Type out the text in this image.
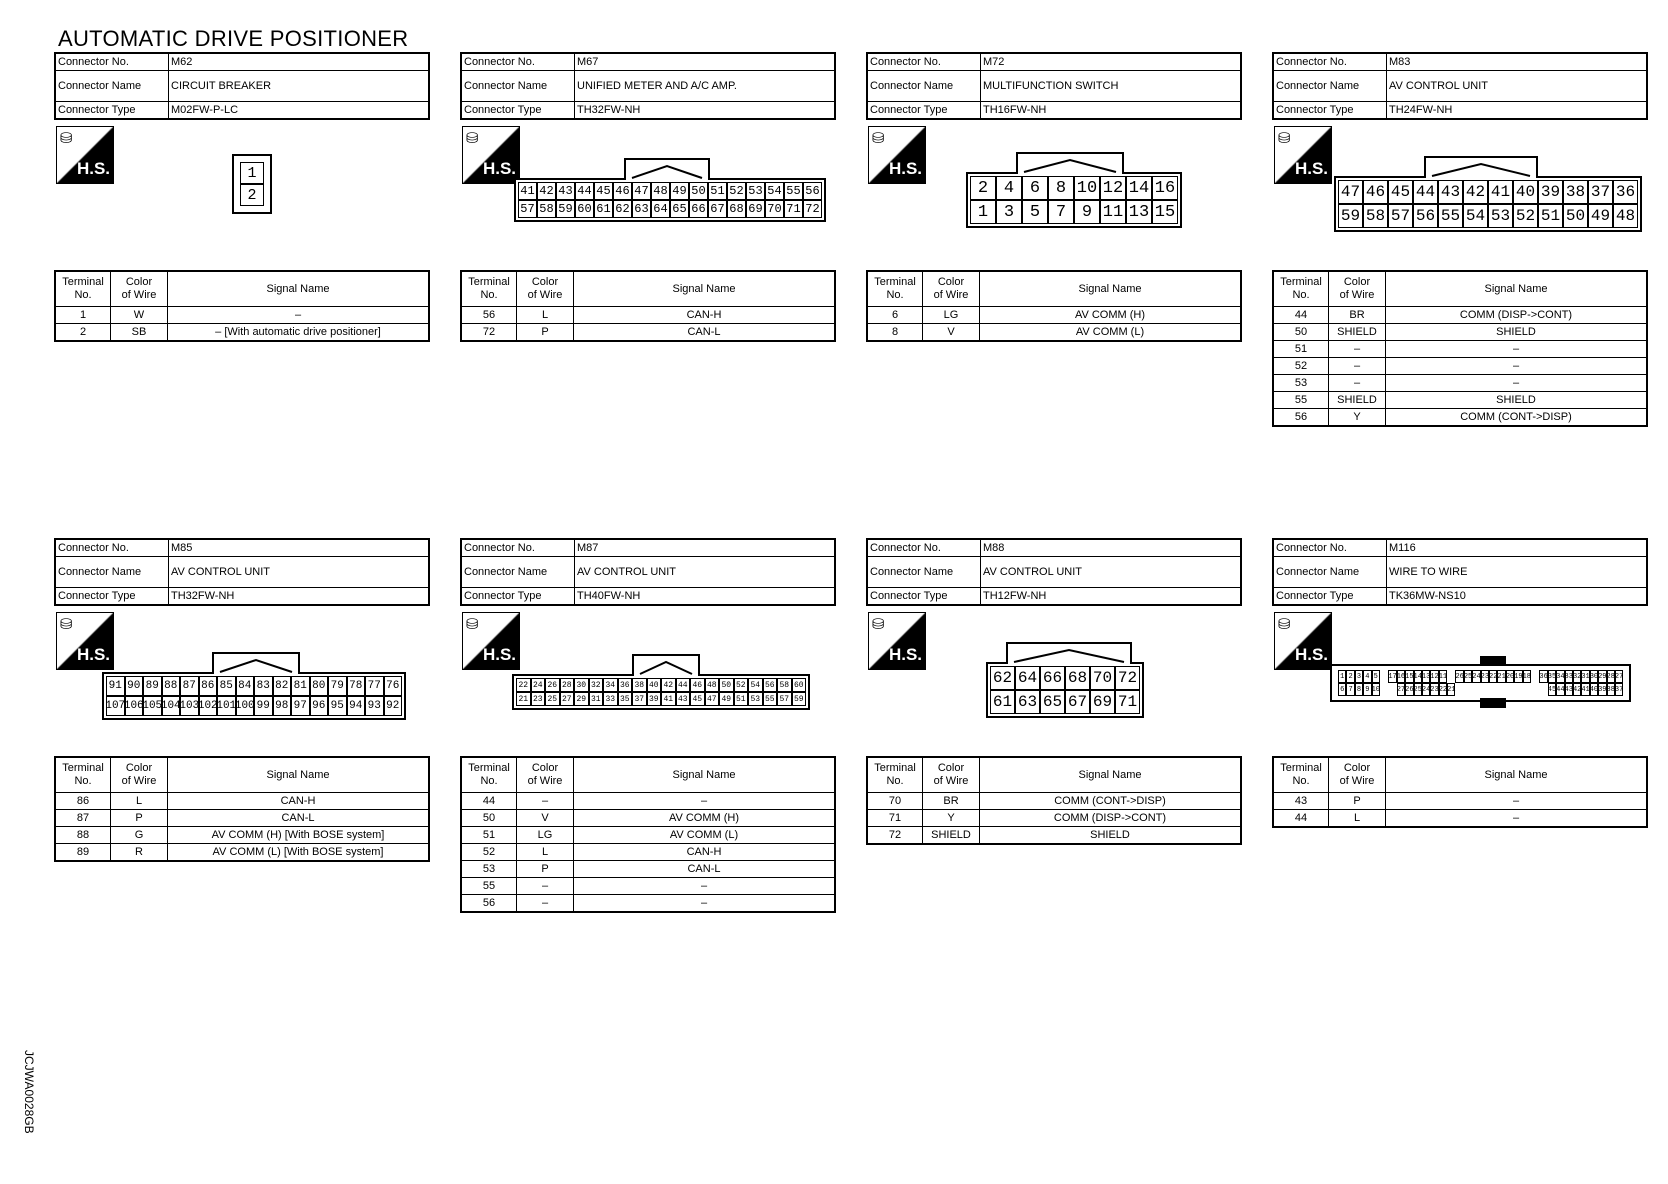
AUTOMATIC DRIVE POSITIONER
JCJWA0028GB
Connector No.	M62
Connector Name	CIRCUIT BREAKER
Connector Type	M02FW-P-LC
⛁
H.S.	1
2
Terminal
No.	Color
of Wire	Signal Name
1	W	–
2	SB	– [With automatic drive positioner]
Connector No.	M67
Connector Name	UNIFIED METER AND A/C AMP.
Connector Type	TH32FW-NH
⛁
H.S.
41 42 43 44 45 46 47 48 49 50 51 52 53 54 55 56
57 58 59 60 61 62 63 64 65 66 67 68 69 70 71 72
Terminal
No.	Color
of Wire	Signal Name
56	L	CAN-H
72	P	CAN-L
Connector No.	M72
Connector Name	MULTIFUNCTION SWITCH
Connector Type	TH16FW-NH
⛁
H.S.
2 4 6 8 10 12 14 16
1 3 5 7 9 11 13 15
Terminal
No.	Color
of Wire	Signal Name
6	LG	AV COMM (H)
8	V	AV COMM (L)
Connector No.	M83
Connector Name	AV CONTROL UNIT
Connector Type	TH24FW-NH
⛁
H.S.
47 46 45 44 43 42 41 40 39 38 37 36
59 58 57 56 55 54 53 52 51 50 49 48
Terminal
No.	Color
of Wire	Signal Name
44	BR	COMM (DISP->CONT)
50	SHIELD	SHIELD
51	–	–
52	–	–
53	–	–
55	SHIELD	SHIELD
56	Y	COMM (CONT->DISP)
Connector No.	M85
Connector Name	AV CONTROL UNIT
Connector Type	TH32FW-NH
⛁
H.S.
91 90 89 88 87 86 85 84 83 82 81 80 79 78 77 76
107
106
105
104
103
102
101
100 99 98 97 96 95 94 93 92
Terminal
No.	Color
of Wire	Signal Name
86	L	CAN-H
87	P	CAN-L
88	G	AV COMM (H) [With BOSE system]
89	R	AV COMM (L) [With BOSE system]
Connector No.	M87
Connector Name	AV CONTROL UNIT
Connector Type	TH40FW-NH
⛁
H.S.
22 24 26 28 30 32 34 36 38 40 42 44 46 48 50 52 54 56 58 60
21 23 25 27 29 31 33 35 37 39 41 43 45 47 49 51 53 55 57 59
Terminal
No.	Color
of Wire	Signal Name
44	–	–
50	V	AV COMM (H)
51	LG	AV COMM (L)
52	L	CAN-H
53	P	CAN-L
55	–	–
56	–	–
Connector No.	M88
Connector Name	AV CONTROL UNIT
Connector Type	TH12FW-NH
⛁
H.S.
62 64 66 68 70 72
61 63 65 67 69 71
Terminal
No.	Color
of Wire	Signal Name
70	BR	COMM (CONT->DISP)
71	Y	COMM (DISP->CONT)
72	SHIELD	SHIELD
Connector No.	M116
Connector Name	WIRE TO WIRE
Connector Type	TK36MW-NS10
⛁
H.S.
1 2 3 4 5 17 16 15 14 13 12 11 26 25 24 23 22 21 20 19 18 36 35 34 33 32 31 30 29 28 27
6 7 8 9 10 27 26 25 24 23 22 21	45 44 43 42 41 40 39 38 37
Terminal
No.	Color
of Wire	Signal Name
43	P	–
44	L	–
